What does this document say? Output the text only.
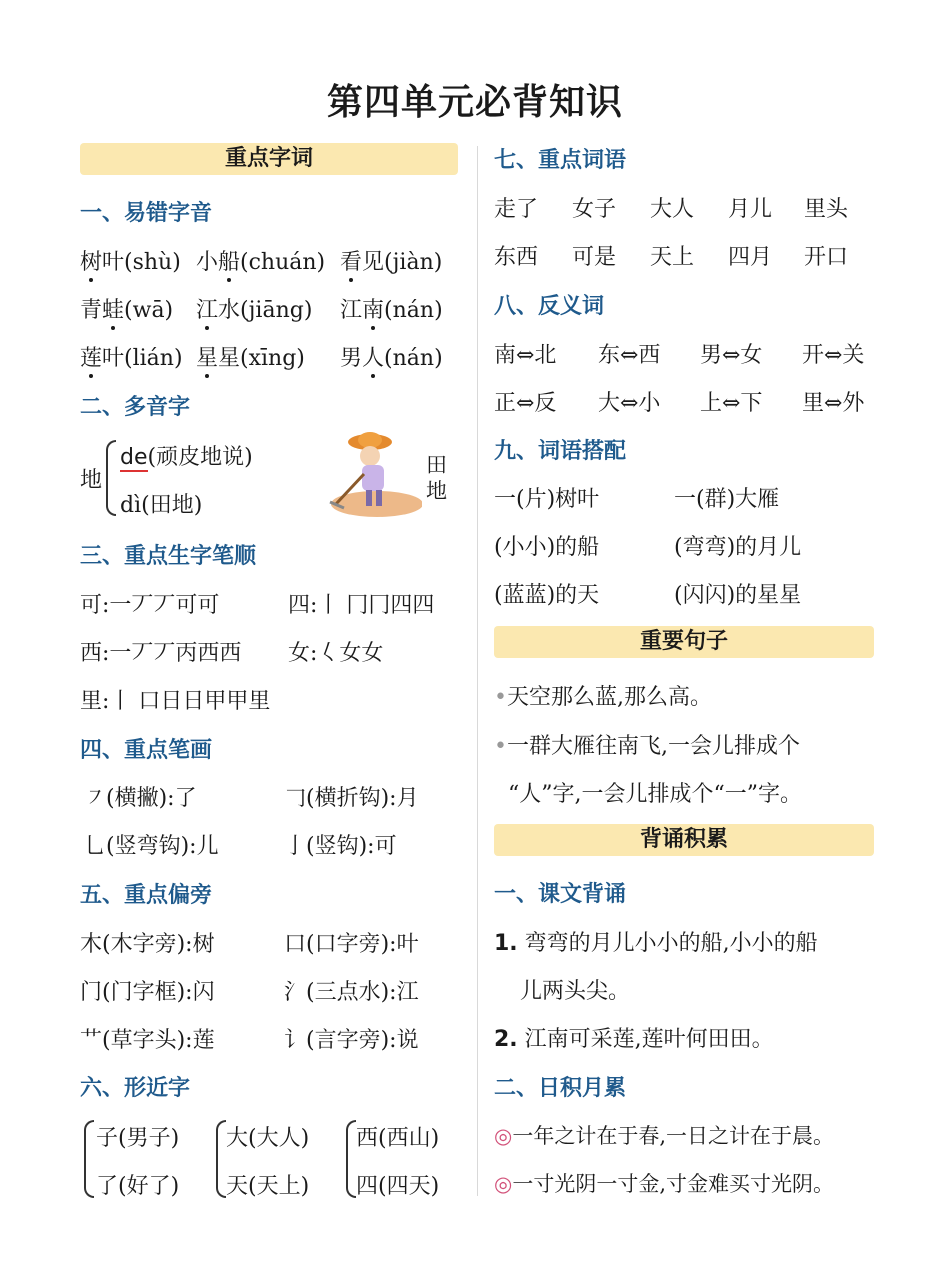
第四单元必背知识
重点字词
一、易错字音
树叶(shù) 小船(chuán) 看见(jiàn)
青蛙(wā) 江水(jiāng) 江南(nán)
莲叶(lián) 星星(xīng) 男人(nán)
二、多音字
地
de(顽皮地说)
dì(田地)
田地
三、重点生字笔顺
可:一丆丆可可	四:丨 冂冂四四
西:一丆丆丙西西 女:𡿨女女
里:丨 口日日甲甲里
四、重点笔画
㇇(横撇):了	𠃌(横折钩):月
乚(竖弯钩):儿	亅(竖钩):可
五、重点偏旁
木(木字旁):树	口(口字旁):叶
门(门字框):闪	氵(三点水):江
艹(草字头):莲	讠(言字旁):说
六、形近字
子(男子)
了(好了)
大(大人)
天(天上)
西(西山)
四(四天)
七、重点词语
走了 女子 大人 月儿 里头
东西 可是 天上 四月 开口
八、反义词
南⇔北 东⇔西 男⇔女 开⇔关
正⇔反 大⇔小 上⇔下 里⇔外
九、词语搭配
一(片)树叶	一(群)大雁
(小小)的船	(弯弯)的月儿
(蓝蓝)的天	(闪闪)的星星
重要句子
•天空那么蓝,那么高。
•一群大雁往南飞,一会儿排成个
“人”字,一会儿排成个“一”字。
背诵积累
一、课文背诵
1. 弯弯的月儿小小的船,小小的船
儿两头尖。
2. 江南可采莲,莲叶何田田。
二、日积月累
◎一年之计在于春,一日之计在于晨。
◎一寸光阴一寸金,寸金难买寸光阴。
